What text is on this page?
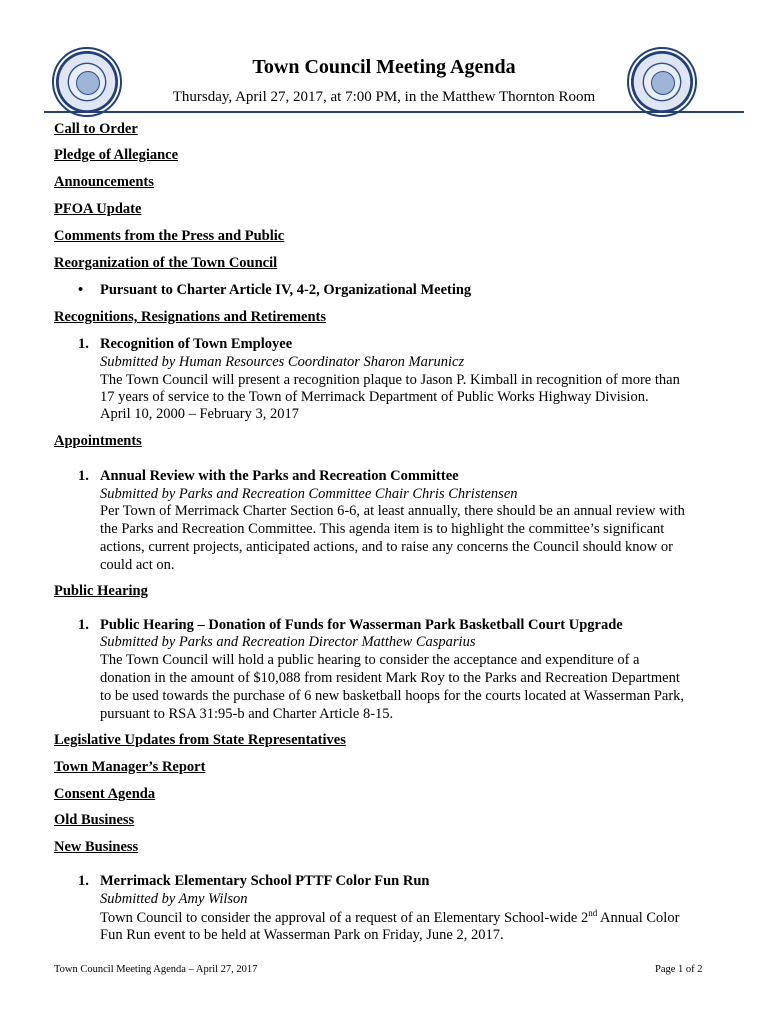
Town Council Meeting Agenda
Thursday, April 27, 2017, at 7:00 PM, in the Matthew Thornton Room
Call to Order
Pledge of Allegiance
Announcements
PFOA Update
Comments from the Press and Public
Reorganization of the Town Council
• Pursuant to Charter Article IV, 4-2, Organizational Meeting
Recognitions, Resignations and Retirements
1. Recognition of Town Employee
Submitted by Human Resources Coordinator Sharon Marunicz
The Town Council will present a recognition plaque to Jason P. Kimball in recognition of more than
17 years of service to the Town of Merrimack Department of Public Works Highway Division.
April 10, 2000 – February 3, 2017
Appointments
1. Annual Review with the Parks and Recreation Committee
Submitted by Parks and Recreation Committee Chair Chris Christensen
Per Town of Merrimack Charter Section 6-6, at least annually, there should be an annual review with
the Parks and Recreation Committee. This agenda item is to highlight the committee’s significant
actions, current projects, anticipated actions, and to raise any concerns the Council should know or
could act on.
Public Hearing
1. Public Hearing – Donation of Funds for Wasserman Park Basketball Court Upgrade
Submitted by Parks and Recreation Director Matthew Casparius
The Town Council will hold a public hearing to consider the acceptance and expenditure of a
donation in the amount of $10,088 from resident Mark Roy to the Parks and Recreation Department
to be used towards the purchase of 6 new basketball hoops for the courts located at Wasserman Park,
pursuant to RSA 31:95-b and Charter Article 8-15.
Legislative Updates from State Representatives
Town Manager’s Report
Consent Agenda
Old Business
New Business
1. Merrimack Elementary School PTTF Color Fun Run
Submitted by Amy Wilson
Town Council to consider the approval of a request of an Elementary School-wide 2nd Annual Color
Fun Run event to be held at Wasserman Park on Friday, June 2, 2017.
Town Council Meeting Agenda – April 27, 2017	Page 1 of 2
